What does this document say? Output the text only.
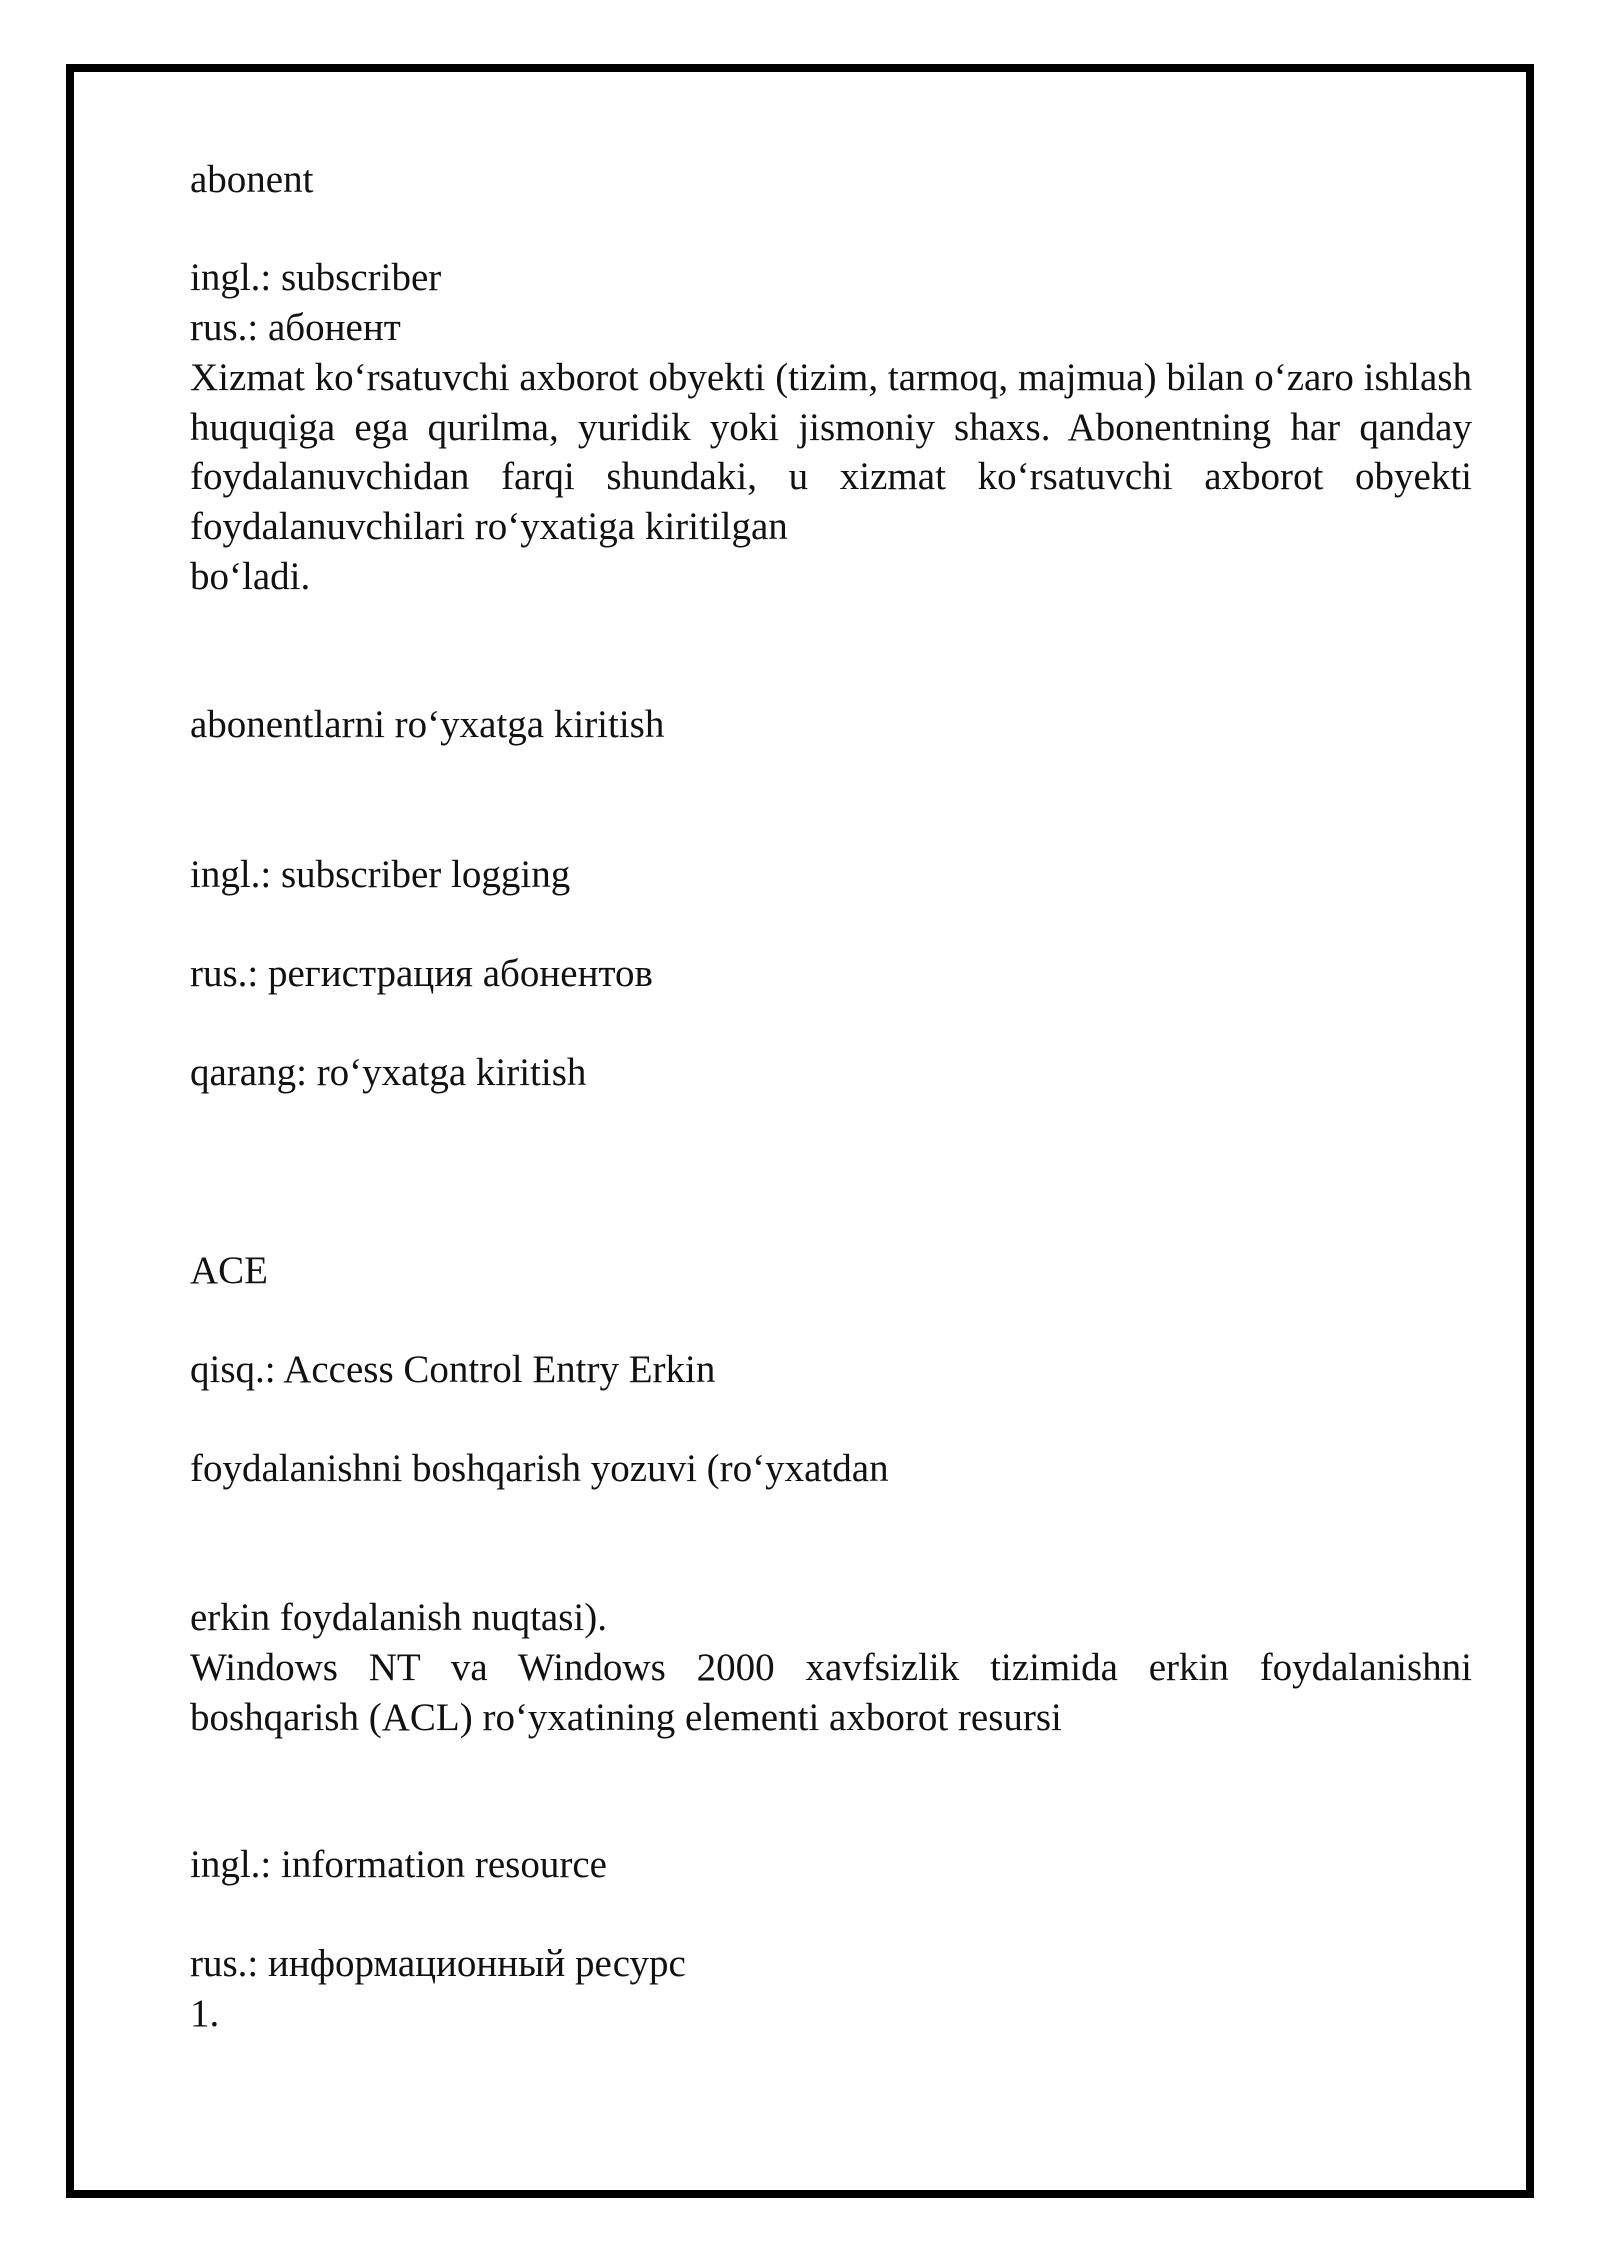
abonent

ingl.: subscriber

rus.: абонент

Xizmat ko‘rsatuvchi axborot obyekti (tizim, tarmoq, majmua) bilan o‘zaro ishlash huquqiga ega qurilma, yuridik yoki jismoniy shaxs. Abonentning har qanday foydalanuvchidan farqi shundaki, u xizmat ko‘rsatuvchi axborot obyekti foydalanuvchilari ro‘yxatiga kiritilgan

bo‘ladi.

abonentlarni ro‘yxatga kiritish

ingl.: subscriber logging

rus.: регистрация абонентов

qarang: ro‘yxatga kiritish

ACE

qisq.: Access Control Entry Erkin

foydalanishni boshqarish yozuvi (ro‘yxatdan

erkin foydalanish nuqtasi).

Windows NT va Windows 2000 xavfsizlik tizimida erkin foydalanishni boshqarish (ACL) ro‘yxatining elementi axborot resursi

ingl.: information resource

rus.: информационный ресурс

1.
